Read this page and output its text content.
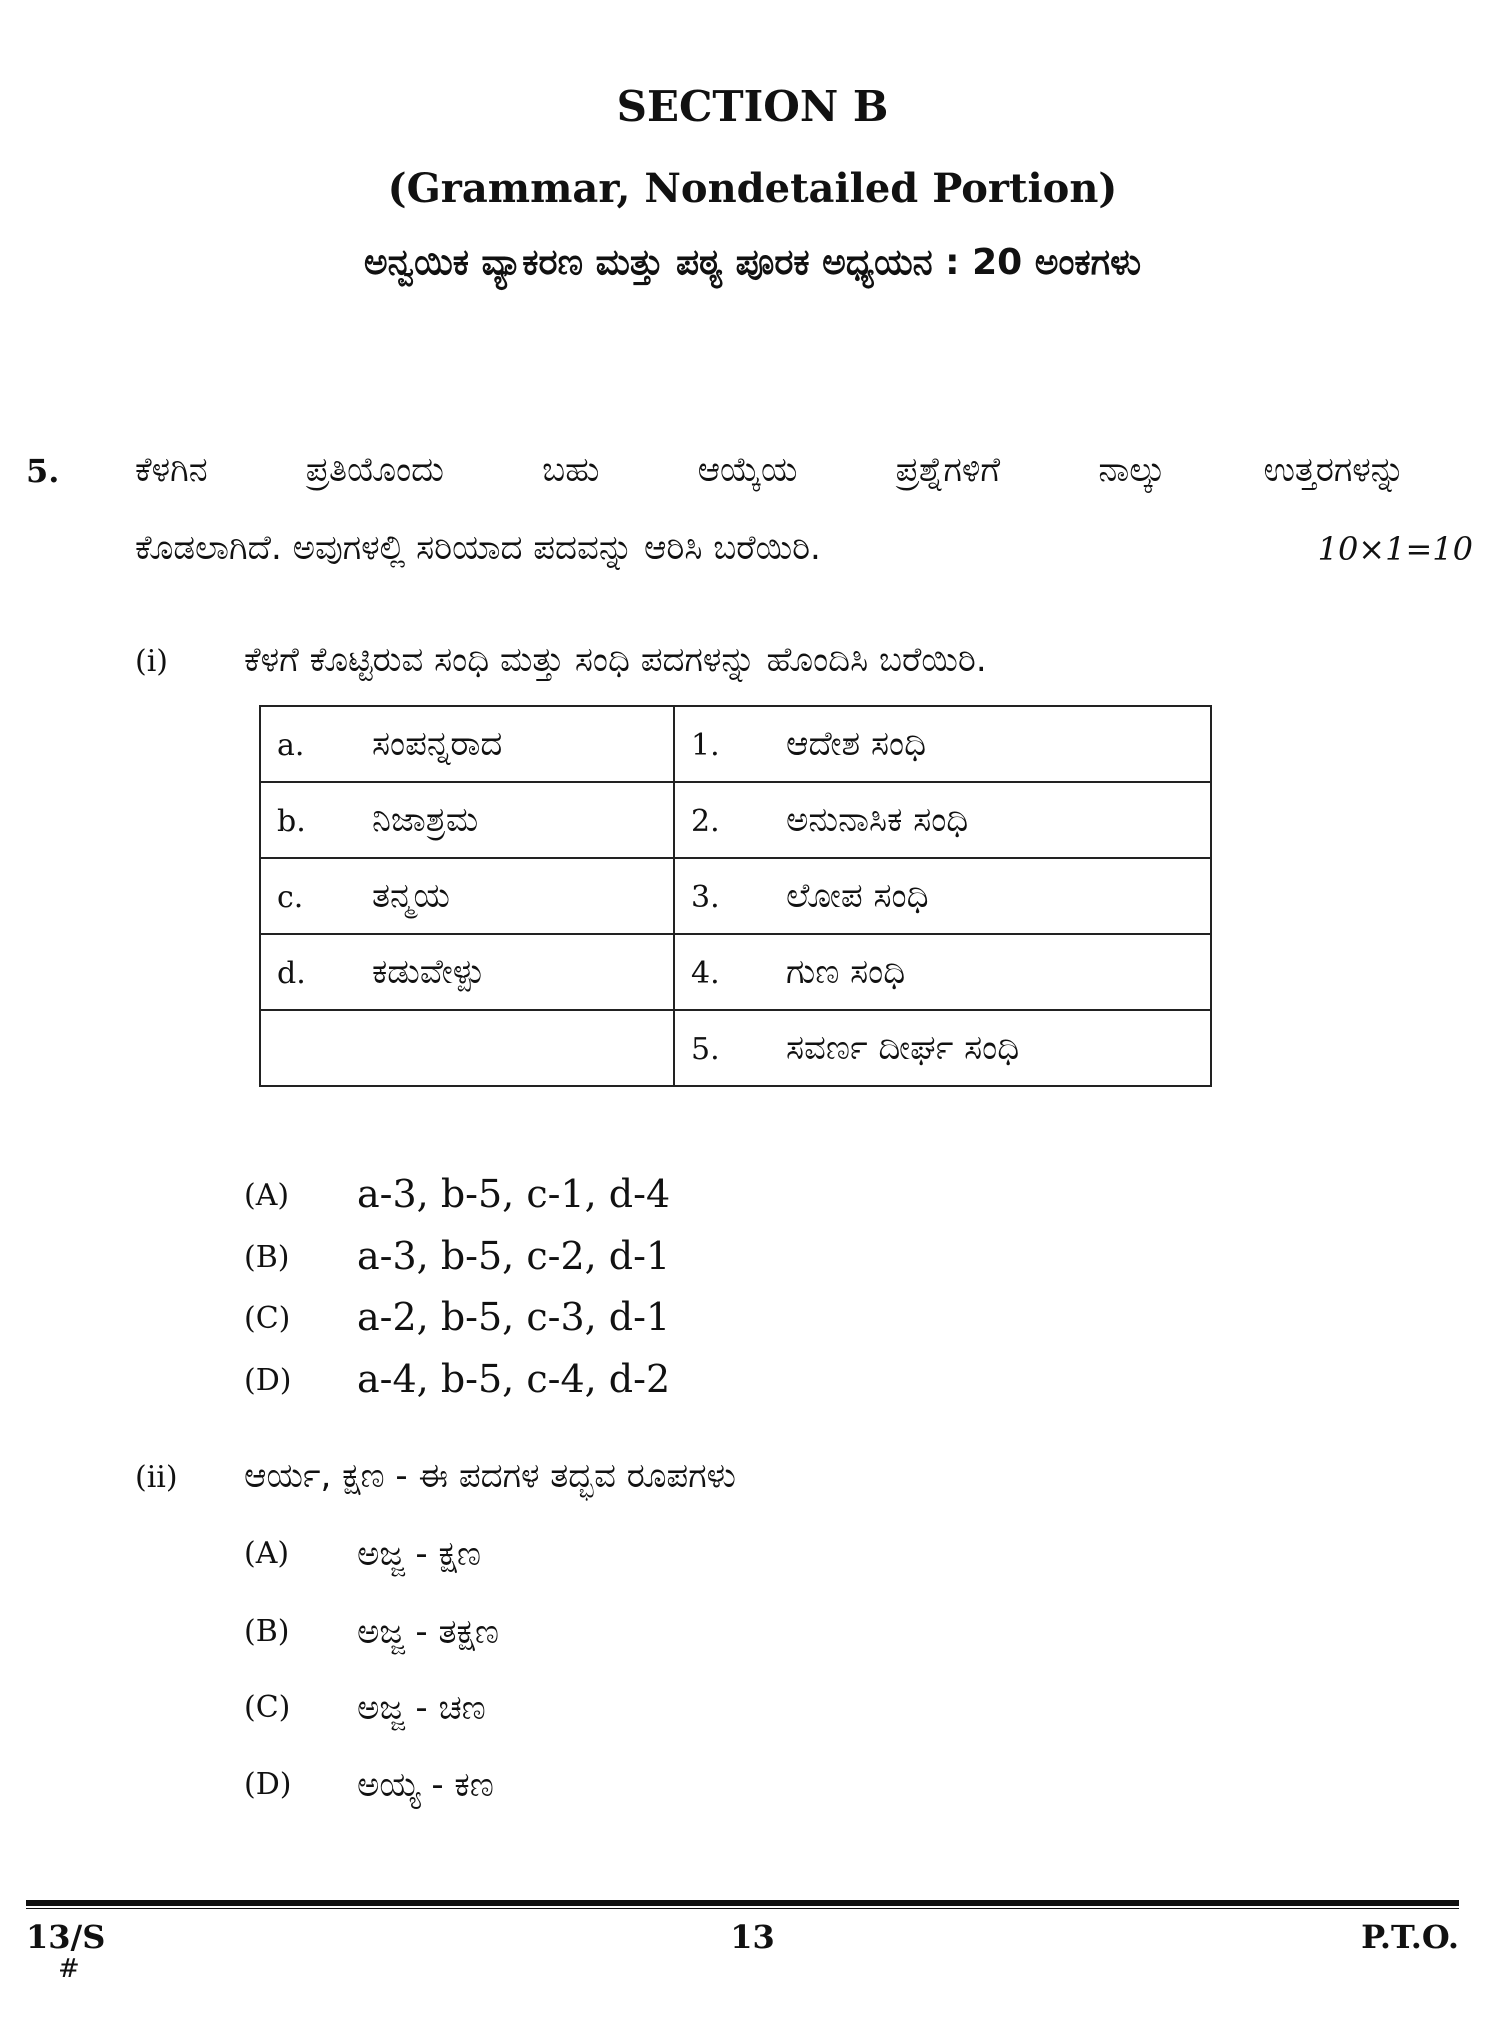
SECTION B
(Grammar, Nondetailed Portion)
ಅನ್ವಯಿಕ ವ್ಯಾಕರಣ ಮತ್ತು ಪಠ್ಯ ಪೂರಕ ಅಧ್ಯಯನ : 20 ಅಂಕಗಳು
5. ಕೆಳಗಿನ	ಪ್ರತಿಯೊಂದು	ಬಹು	ಆಯ್ಕೆಯ	ಪ್ರಶ್ನೆಗಳಿಗೆ	ನಾಲ್ಕು	ಉತ್ತರಗಳನ್ನು
ಕೊಡಲಾಗಿದೆ. ಅವುಗಳಲ್ಲಿ ಸರಿಯಾದ ಪದವನ್ನು ಆರಿಸಿ ಬರೆಯಿರಿ.	10×1=10
(i) ಕೆಳಗೆ ಕೊಟ್ಟಿರುವ ಸಂಧಿ ಮತ್ತು ಸಂಧಿ ಪದಗಳನ್ನು ಹೊಂದಿಸಿ ಬರೆಯಿರಿ.
a. ಸಂಪನ್ನರಾದ	1. ಆದೇಶ ಸಂಧಿ
b. ನಿಜಾಶ್ರಮ	2. ಅನುನಾಸಿಕ ಸಂಧಿ
c. ತನ್ಮಯ	3. ಲೋಪ ಸಂಧಿ
d. ಕಡುವೇಳ್ಪು	4. ಗುಣ ಸಂಧಿ
	5. ಸವರ್ಣ ದೀರ್ಘ ಸಂಧಿ
(A) a-3, b-5, c-1, d-4
(B) a-3, b-5, c-2, d-1
(C) a-2, b-5, c-3, d-1
(D) a-4, b-5, c-4, d-2
(ii) ಆರ್ಯ, ಕ್ಷಣ - ಈ ಪದಗಳ ತದ್ಭವ ರೂಪಗಳು
(A) ಅಜ್ಜ - ಕ್ಷಣ
(B) ಅಜ್ಜ - ತಕ್ಷಣ
(C) ಅಜ್ಜ - ಚಣ
(D) ಅಯ್ಯ - ಕಣ
13/S
#
13	P.T.O.
